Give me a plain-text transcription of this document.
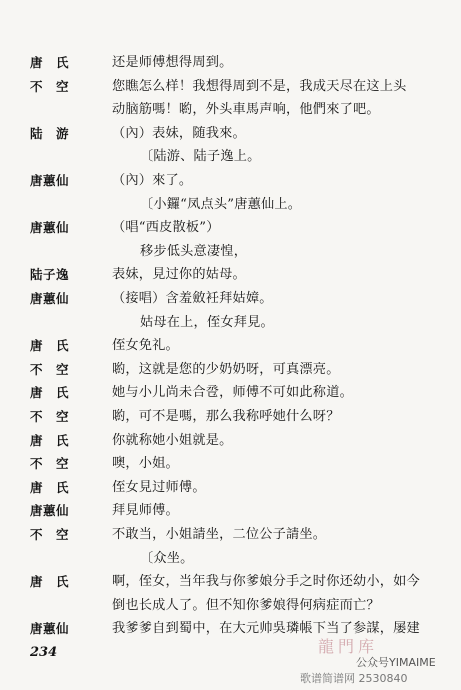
唐　氏	还是师傅想得周到。
不　空	您瞧怎么样！我想得周到不是，我成天尽在这上头
动脑筋嗎！喲，外头車馬声响，他們來了吧。
陆　游	（內）表妹，随我來。
〔陆游、陆子逸上。
唐蕙仙	（內）來了。
〔小鑼“凤点头”唐蕙仙上。
唐蕙仙	（唱“西皮散板”）
移步低头意凄惶，
陆子逸	表妹，見过你的姑母。
唐蕙仙	（接唱）含羞斂衽拜姑嫜。
姑母在上，侄女拜見。
唐　氏	侄女免礼。
不　空	喲，这就是您的少奶奶呀，可真漂亮。
唐　氏	她与小儿尚未合卺，师傅不可如此称道。
不　空	喲，可不是嗎，那么我称呼她什么呀？
唐　氏	你就称她小姐就是。
不　空	噢，小姐。
唐　氏	侄女見过师傅。
唐蕙仙	拜見师傅。
不　空	不敢当，小姐請坐，二位公子請坐。
〔众坐。
唐　氏	啊，侄女，当年我与你爹娘分手之时你还幼小，如今
倒也长成人了。但不知你爹娘得何病症而亡？
唐蕙仙	我爹爹自到蜀中，在大元帅吳璘帳下当了参謀，屡建
234	龍門库
公众号YIMAIME
歌谱简谱网 2530840
